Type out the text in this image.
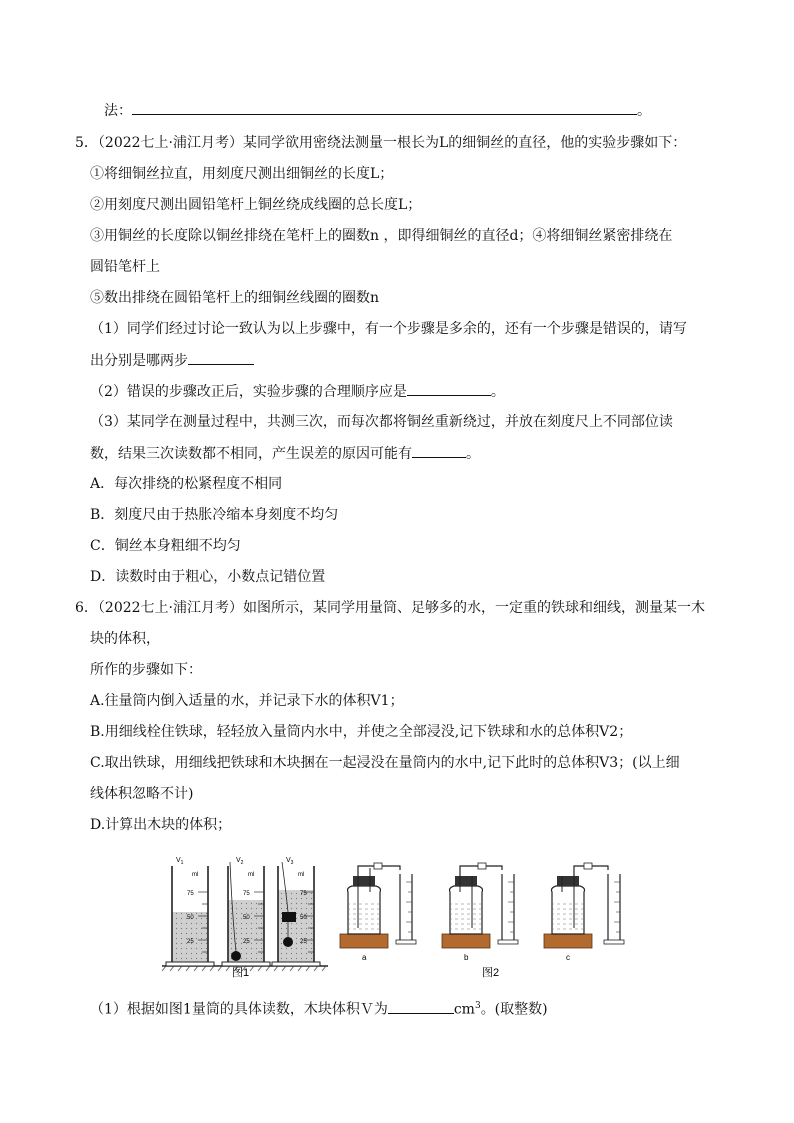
法：	。
5．（2022七上·浦江月考）某同学欲用密绕法测量一根长为L的细铜丝的直径，他的实验步骤如下：
①将细铜丝拉直，用刻度尺测出细铜丝的长度L；
②用刻度尺测出圆铅笔杆上铜丝绕成线圈的总长度L；
③用铜丝的长度除以铜丝排绕在笔杆上的圈数n ，即得细铜丝的直径d；④将细铜丝紧密排绕在
圆铅笔杆上
⑤数出排绕在圆铅笔杆上的细铜丝线圈的圈数n
（1）同学们经过讨论一致认为以上步骤中，有一个步骤是多余的，还有一个步骤是错误的，请写
出分别是哪两步
（2）错误的步骤改正后，实验步骤的合理顺序应是	。
（3）某同学在测量过程中，共测三次，而每次都将铜丝重新绕过，并放在刻度尺上不同部位读
数，结果三次读数都不相同，产生误差的原因可能有	。
A．每次排绕的松紧程度不相同
B．刻度尺由于热胀冷缩本身刻度不均匀
C．铜丝本身粗细不均匀
D．读数时由于粗心，小数点记错位置
6．（2022七上·浦江月考）如图所示，某同学用量筒、足够多的水，一定重的铁球和细线，测量某一木
块的体积，
所作的步骤如下：
A.往量筒内倒入适量的水，并记录下水的体积V1；
B.用细线栓住铁球，轻轻放入量筒内水中，并使之全部浸没,记下铁球和水的总体积V2；
C.取出铁球，用细线把铁球和木块捆在一起浸没在量筒内的水中,记下此时的总体积V3；(以上细
线体积忽略不计)
D.计算出木块的体积；
$V_1$
ml
75
50
25
$V_2$
ml
75
50
25
$V_3$
ml
75
50
25
图1
a	b	c
图2
（1）根据如图1量筒的具体读数，木块体积Ｖ为	$cm^3$。(取整数)
